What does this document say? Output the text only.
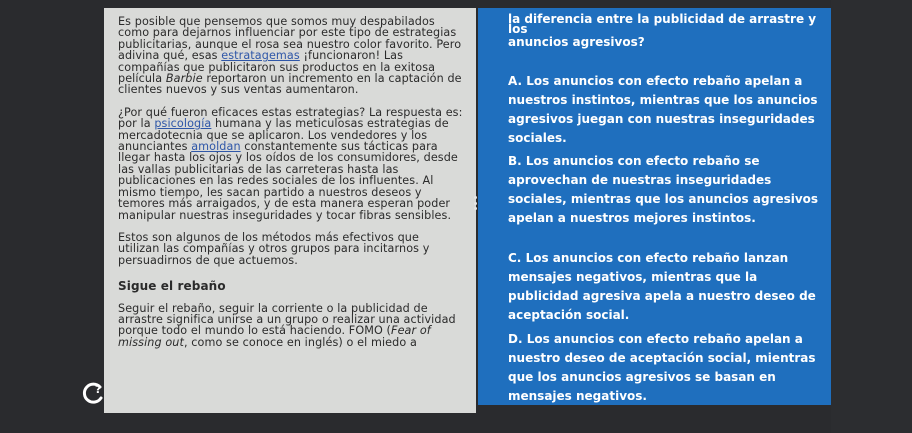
Es posible que pensemos que somos muy despabilados como para dejarnos influenciar por este tipo de estrategias publicitarias, aunque el rosa sea nuestro color favorito. Pero adivina qué, esas estratagemas ¡funcionaron! Las compañías que publicitaron sus productos en la exitosa película Barbie reportaron un incremento en la captación de clientes nuevos y sus ventas aumentaron.

¿Por qué fueron eficaces estas estrategias? La respuesta es: por la psicología humana y las meticulosas estrategias de mercadotecnia que se aplicaron. Los vendedores y los anunciantes amoldan constantemente sus tácticas para llegar hasta los ojos y los oídos de los consumidores, desde las vallas publicitarias de las carreteras hasta las publicaciones en las redes sociales de los influentes. Al mismo tiempo, les sacan partido a nuestros deseos y temores más arraigados, y de esta manera esperan poder manipular nuestras inseguridades y tocar fibras sensibles.

Estos son algunos de los métodos más efectivos que utilizan las compañías y otros grupos para incitarnos y persuadirnos de que actuemos.

Sigue el rebaño

Seguir el rebaño, seguir la corriente o la publicidad de arrastre significa unirse a un grupo o realizar una actividad porque todo el mundo lo está haciendo. FOMO (Fear of missing out, como se conoce en inglés) o el miedo a

?
la diferencia entre la publicidad de arrastre y los
anuncios agresivos?
A. Los anuncios con efecto rebaño apelan a nuestros instintos, mientras que los anuncios agresivos juegan con nuestras inseguridades sociales.
B. Los anuncios con efecto rebaño se aprovechan de nuestras inseguridades sociales, mientras que los anuncios agresivos apelan a nuestros mejores instintos.
C. Los anuncios con efecto rebaño lanzan mensajes negativos, mientras que la publicidad agresiva apela a nuestro deseo de aceptación social.
D. Los anuncios con efecto rebaño apelan a nuestro deseo de aceptación social, mientras que los anuncios agresivos se basan en mensajes negativos.
